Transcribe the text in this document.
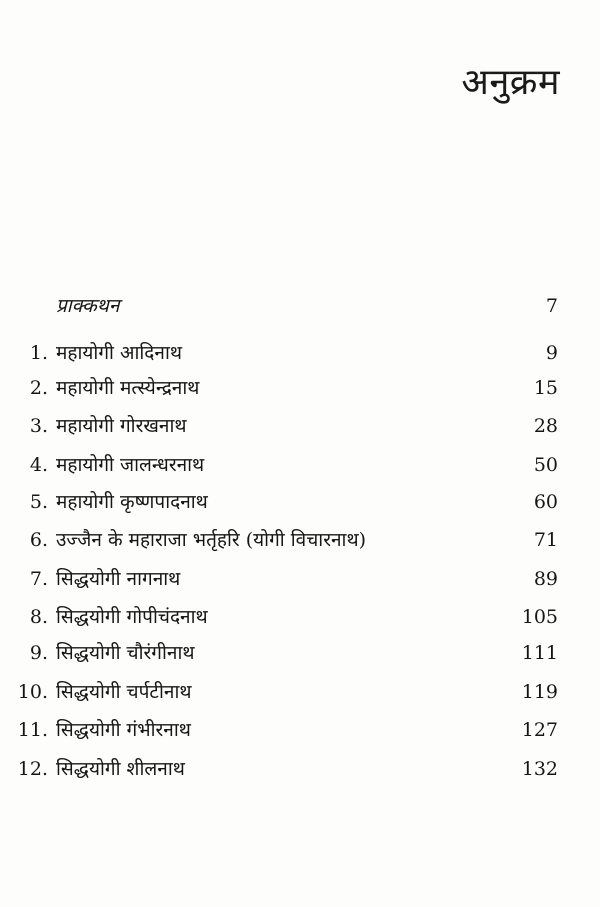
अनुक्रम
प्राक्कथन	7
1. महायोगी आदिनाथ	9
2. महायोगी मत्स्येन्द्रनाथ	15
3. महायोगी गोरखनाथ	28
4. महायोगी जालन्धरनाथ	50
5. महायोगी कृष्णपादनाथ	60
6. उज्जैन के महाराजा भर्तृहरि (योगी विचारनाथ)	71
7. सिद्धयोगी नागनाथ	89
8. सिद्धयोगी गोपीचंदनाथ	105
9. सिद्धयोगी चौरंगीनाथ	111
10. सिद्धयोगी चर्पटीनाथ	119
11. सिद्धयोगी गंभीरनाथ	127
12. सिद्धयोगी शीलनाथ	132
